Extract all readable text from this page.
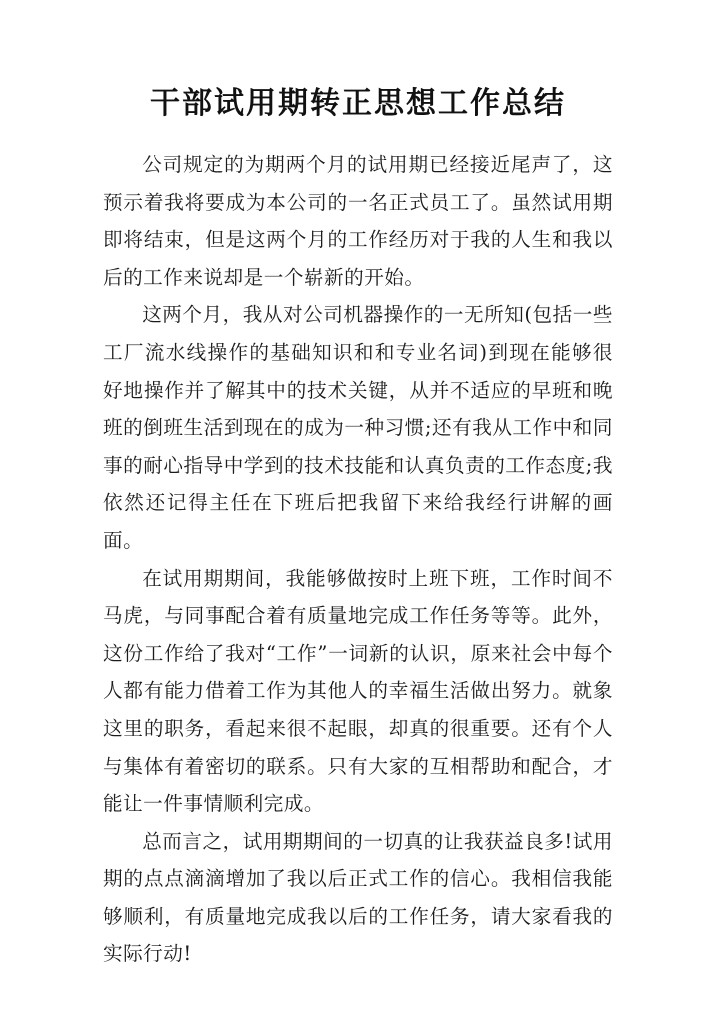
干部试用期转正思想工作总结

公司规定的为期两个月的试用期已经接近尾声了，这预示着我将要成为本公司的一名正式员工了。虽然试用期即将结束，但是这两个月的工作经历对于我的人生和我以后的工作来说却是一个崭新的开始。

这两个月，我从对公司机器操作的一无所知(包括一些工厂流水线操作的基础知识和和专业名词)到现在能够很好地操作并了解其中的技术关键，从并不适应的早班和晚班的倒班生活到现在的成为一种习惯;还有我从工作中和同事的耐心指导中学到的技术技能和认真负责的工作态度;我依然还记得主任在下班后把我留下来给我经行讲解的画面。

在试用期期间，我能够做按时上班下班，工作时间不马虎，与同事配合着有质量地完成工作任务等等。此外，这份工作给了我对“工作”一词新的认识，原来社会中每个人都有能力借着工作为其他人的幸福生活做出努力。就象这里的职务，看起来很不起眼，却真的很重要。还有个人与集体有着密切的联系。只有大家的互相帮助和配合，才能让一件事情顺利完成。

总而言之，试用期期间的一切真的让我获益良多!试用期的点点滴滴增加了我以后正式工作的信心。我相信我能够顺利，有质量地完成我以后的工作任务，请大家看我的实际行动!
